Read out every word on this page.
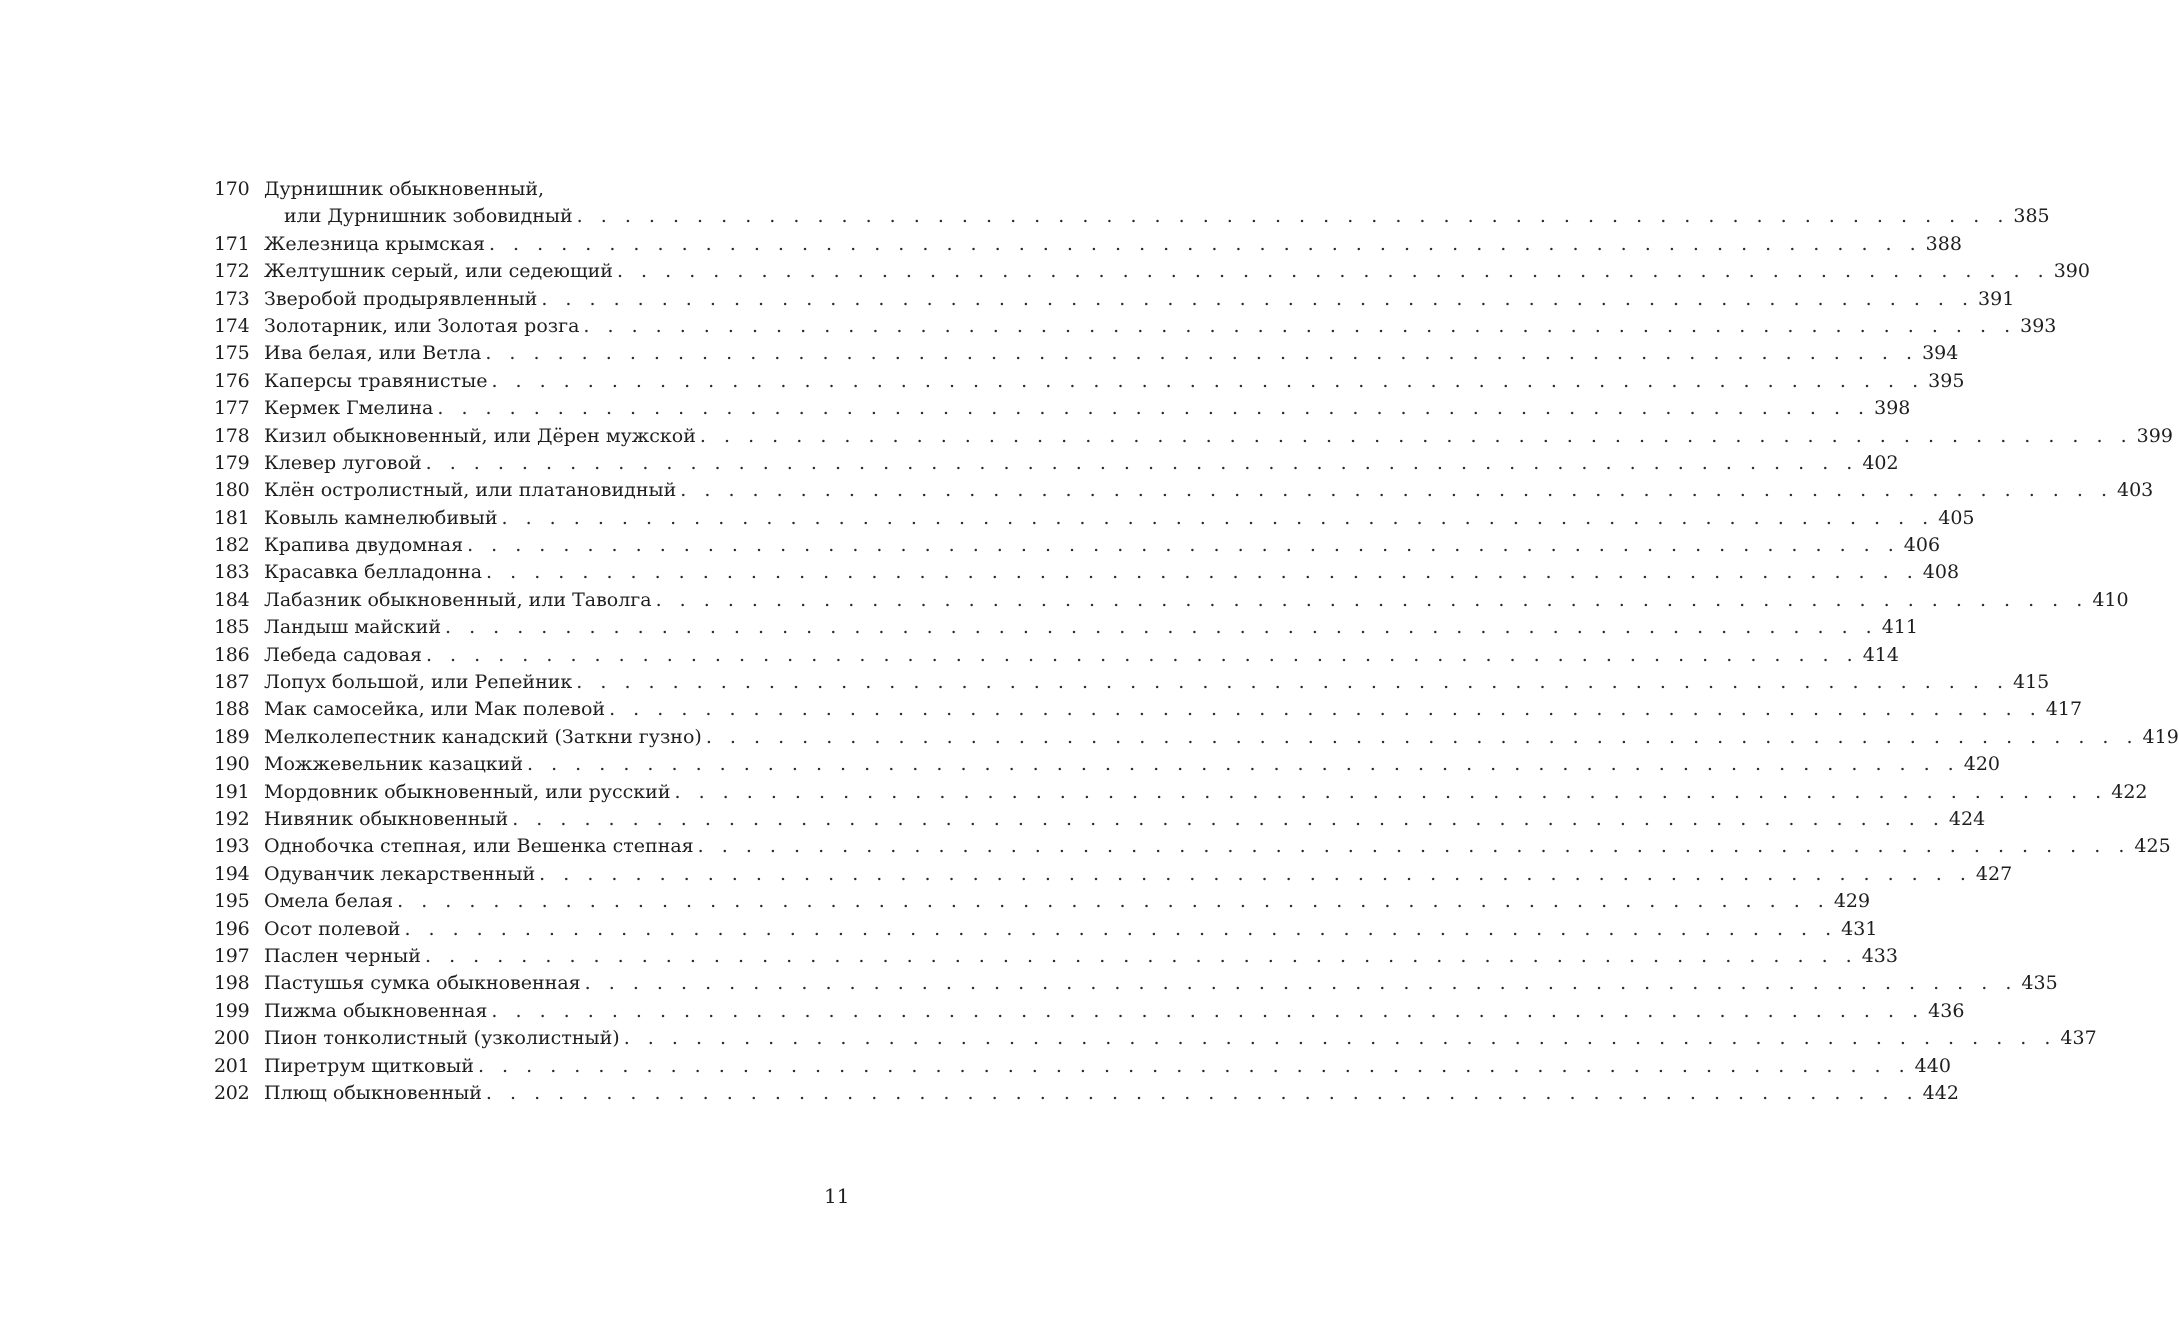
170 Дурнишник обыкновенный,
или Дурнишник зобовидный . . .	385
171 Железница крымская . . .	388
172 Желтушник серый, или седеющий . . .	390
173 Зверобой продырявленный . . .	391
174 Золотарник, или Золотая розга . . .	393
175 Ива белая, или Ветла . . .	394
176 Каперсы травянистые . . .	395
177 Кермек Гмелина . . .	398
178 Кизил обыкновенный, или Дёрен мужской . . .	399
179 Клевер луговой . . .	402
180 Клён остролистный, или платановидный . . .	403
181 Ковыль камнелюбивый . . .	405
182 Крапива двудомная . . .	406
183 Красавка белладонна . . .	408
184 Лабазник обыкновенный, или Таволга . . .	410
185 Ландыш майский . . .	411
186 Лебеда садовая . . .	414
187 Лопух большой, или Репейник . . .	415
188 Мак самосейка, или Мак полевой . . .	417
189 Мелколепестник канадский (Заткни гузно) . . .	419
190 Можжевельник казацкий . . .	420
191 Мордовник обыкновенный, или русский . . .	422
192 Нивяник обыкновенный . . .	424
193 Однобочка степная, или Вешенка степная . . .	425
194 Одуванчик лекарственный . . .	427
195 Омела белая . . .	429
196 Осот полевой . . .	431
197 Паслен черный . . .	433
198 Пастушья сумка обыкновенная . . .	435
199 Пижма обыкновенная . . .	436
200 Пион тонколистный (узколистный) . . .	437
201 Пиретрум щитковый . . .	440
202 Плющ обыкновенный . . .	442
11
